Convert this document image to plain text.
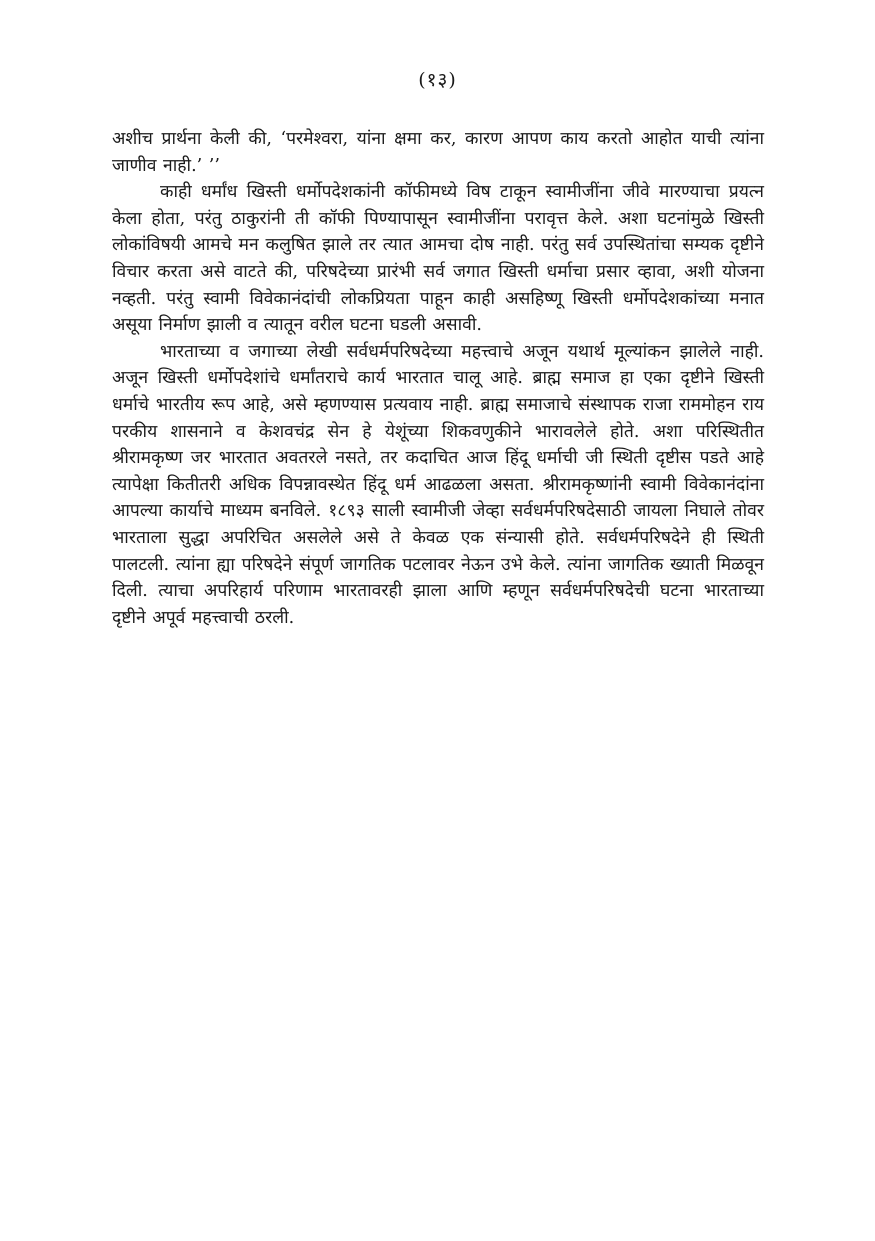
(१३)

अशीच प्रार्थना केली की, ‘परमेश्वरा, यांना क्षमा कर, कारण आपण काय करतो आहोत याची त्यांना जाणीव नाही.’ ’’

काही धर्मांध खिस्ती धर्मोपदेशकांनी कॉफीमध्ये विष टाकून स्वामीजींना जीवे मारण्याचा प्रयत्न केला होता, परंतु ठाकुरांनी ती कॉफी पिण्यापासून स्वामीजींना परावृत्त केले. अशा घटनांमुळे खिस्ती लोकांविषयी आमचे मन कलुषित झाले तर त्यात आमचा दोष नाही. परंतु सर्व उपस्थितांचा सम्यक दृष्टीने विचार करता असे वाटते की, परिषदेच्या प्रारंभी सर्व जगात खिस्ती धर्माचा प्रसार व्हावा, अशी योजना नव्हती. परंतु स्वामी विवेकानंदांची लोकप्रियता पाहून काही असहिष्णू खिस्ती धर्मोपदेशकांच्या मनात असूया निर्माण झाली व त्यातून वरील घटना घडली असावी.

भारताच्या व जगाच्या लेखी सर्वधर्मपरिषदेच्या महत्त्वाचे अजून यथार्थ मूल्यांकन झालेले नाही. अजून खिस्ती धर्मोपदेशांचे धर्मांतराचे कार्य भारतात चालू आहे. ब्राह्म समाज हा एका दृष्टीने खिस्ती धर्माचे भारतीय रूप आहे, असे म्हणण्यास प्रत्यवाय नाही. ब्राह्म समाजाचे संस्थापक राजा राममोहन राय परकीय शासनाने व केशवचंद्र सेन हे येशूंच्या शिकवणुकीने भारावलेले होते. अशा परिस्थितीत श्रीरामकृष्ण जर भारतात अवतरले नसते, तर कदाचित आज हिंदू धर्माची जी स्थिती दृष्टीस पडते आहे त्यापेक्षा कितीतरी अधिक विपन्नावस्थेत हिंदू धर्म आढळला असता. श्रीरामकृष्णांनी स्वामी विवेकानंदांना आपल्या कार्याचे माध्यम बनविले. १८९३ साली स्वामीजी जेव्हा सर्वधर्मपरिषदेसाठी जायला निघाले तोवर भारताला सुद्धा अपरिचित असलेले असे ते केवळ एक संन्यासी होते. सर्वधर्मपरिषदेने ही स्थिती पालटली. त्यांना ह्या परिषदेने संपूर्ण जागतिक पटलावर नेऊन उभे केले. त्यांना जागतिक ख्याती मिळवून दिली. त्याचा अपरिहार्य परिणाम भारतावरही झाला आणि म्हणून सर्वधर्मपरिषदेची घटना भारताच्या दृष्टीने अपूर्व महत्त्वाची ठरली.
